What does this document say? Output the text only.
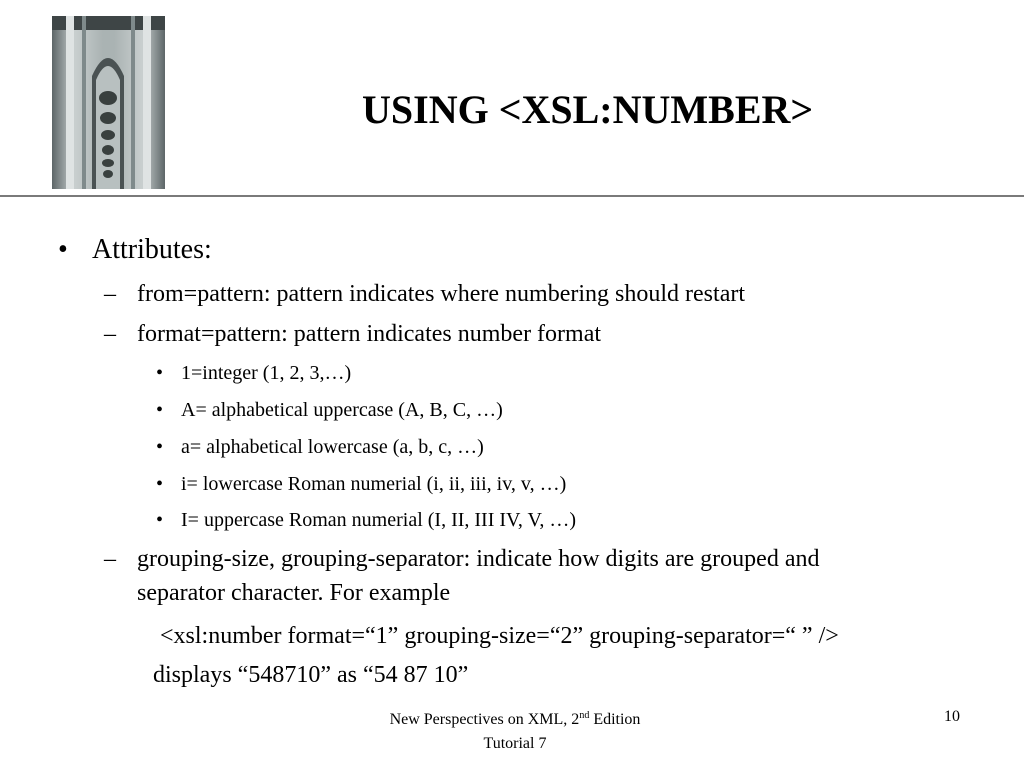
USING <XSL:NUMBER>
• Attributes:
– from=pattern: pattern indicates where numbering should restart
– format=pattern: pattern indicates number format
• 1=integer (1, 2, 3,…)
• A= alphabetical uppercase (A, B, C, …)
• a= alphabetical lowercase (a, b, c, …)
• i= lowercase Roman numerial (i, ii, iii, iv, v, …)
• I= uppercase Roman numerial (I, II, III IV, V, …)
– grouping-size, grouping-separator: indicate how digits are grouped and
separator character. For example
<xsl:number format=“1” grouping-size=“2” grouping-separator=“ ” />
displays “548710” as “54 87 10”
New Perspectives on XML, 2nd Edition
Tutorial 7
10
